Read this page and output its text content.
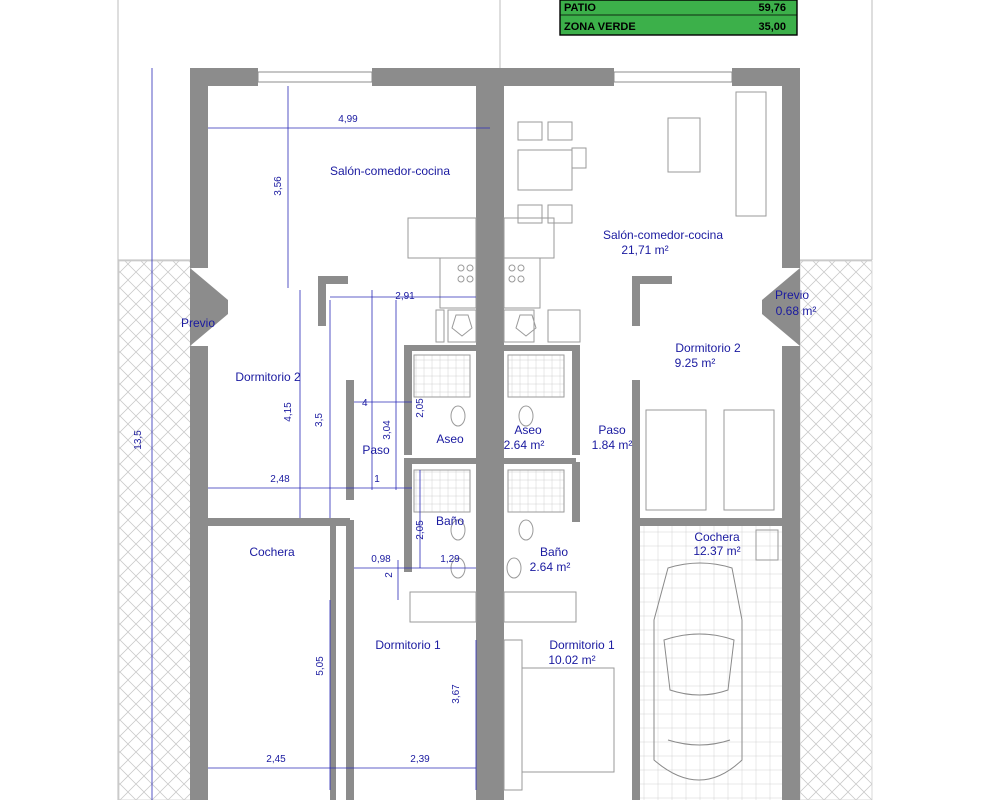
PATIO	59,76
ZONA VERDE	35,00
Salón-comedor-cocina
Previo
Dormitorio 2
Paso
Aseo
Baño
Cochera
Dormitorio 1
Salón-comedor-cocina
21,71 m²
Previo
0.68 m²
Dormitorio 2
9.25 m²
Aseo
2.64 m²
Paso
1.84 m²
Cochera
12.37 m²
Baño
2.64 m²
Dormitorio 1
10.02 m²
4,99
3,56
2,91
4,15 3,5
4
3,04
2,05
2,48	1
2,05
0,98	1,29
2
5,05
3,67
2,45	2,39
13,5
